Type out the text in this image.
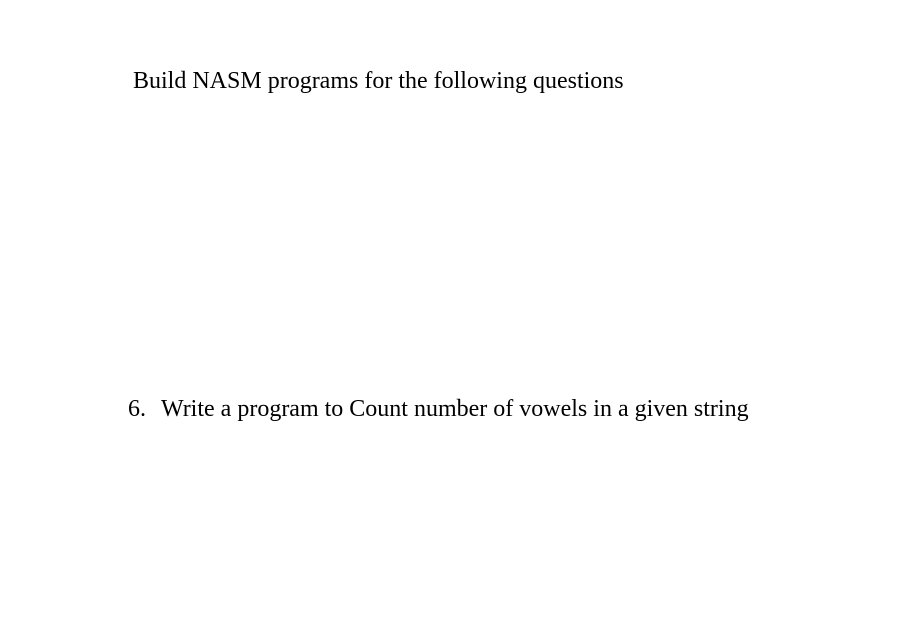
Build NASM programs for the following questions

6. Write a program to Count number of vowels in a given string
